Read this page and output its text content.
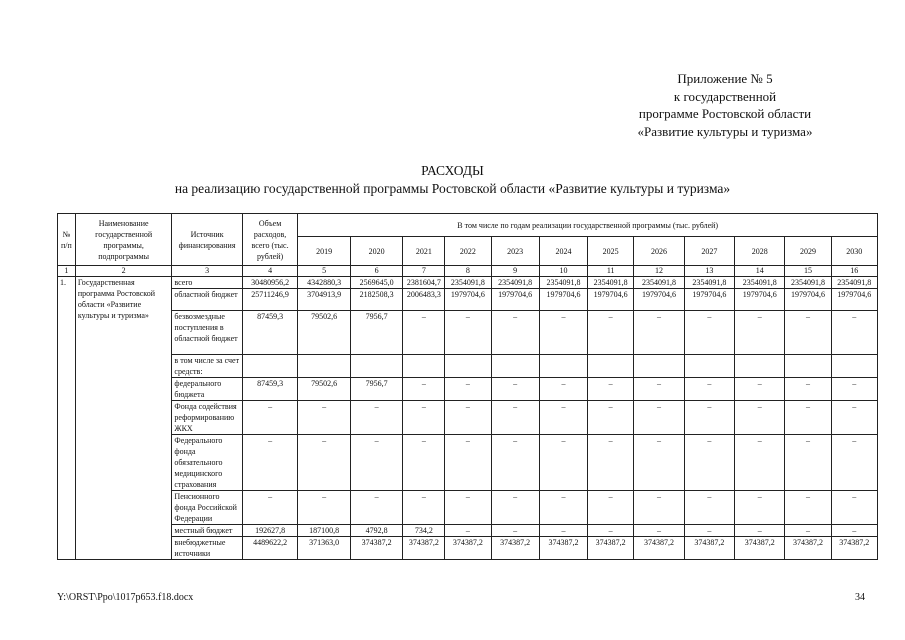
Приложение № 5
к государственной
программе Ростовской области
«Развитие культуры и туризма»
РАСХОДЫ
на реализацию государственной программы Ростовской области «Развитие культуры и туризма»
№ п/п	Наименование государственной программы, подпрограммы	Источник финансирования	Объем расходов, всего (тыс. рублей)	В том числе по годам реализации государственной программы (тыс. рублей)											
				2019	2020	2021	2022	2023	2024	2025	2026	2027	2028	2029	2030
1	2	3	4	5	6	7	8	9	10	11	12	13	14	15	16
1.	Государственная программа Ростовской области «Развитие культуры и туризма»	всего	30480956,2	4342880,3	2569645,0	2381604,7	2354091,8	2354091,8	2354091,8	2354091,8	2354091,8	2354091,8	2354091,8	2354091,8	2354091,8
		областной бюджет	25711246,9	3704913,9	2182508,3	2006483,3	1979704,6	1979704,6	1979704,6	1979704,6	1979704,6	1979704,6	1979704,6	1979704,6	1979704,6
		безвозмездные поступления в областной бюджет	87459,3	79502,6	7956,7	–	–	–	–	–	–	–	–	–	–
		в том числе за счет средств:													
		федерального бюджета	87459,3	79502,6	7956,7	–	–	–	–	–	–	–	–	–	–
		Фонда содействия реформированию ЖКХ	–	–	–	–	–	–	–	–	–	–	–	–	–
		Федерального фонда обязательного медицинского страхования	–	–	–	–	–	–	–	–	–	–	–	–	–
		Пенсионного фонда Российской Федерации	–	–	–	–	–	–	–	–	–	–	–	–	–
		местный бюджет	192627,8	187100,8	4792,8	734,2	–	–	–	–	–	–	–	–	–
		внебюджетные источники	4489622,2	371363,0	374387,2	374387,2	374387,2	374387,2	374387,2	374387,2	374387,2	374387,2	374387,2	374387,2	374387,2
Y:\ORST\Ppo\1017p653.f18.docx	34
